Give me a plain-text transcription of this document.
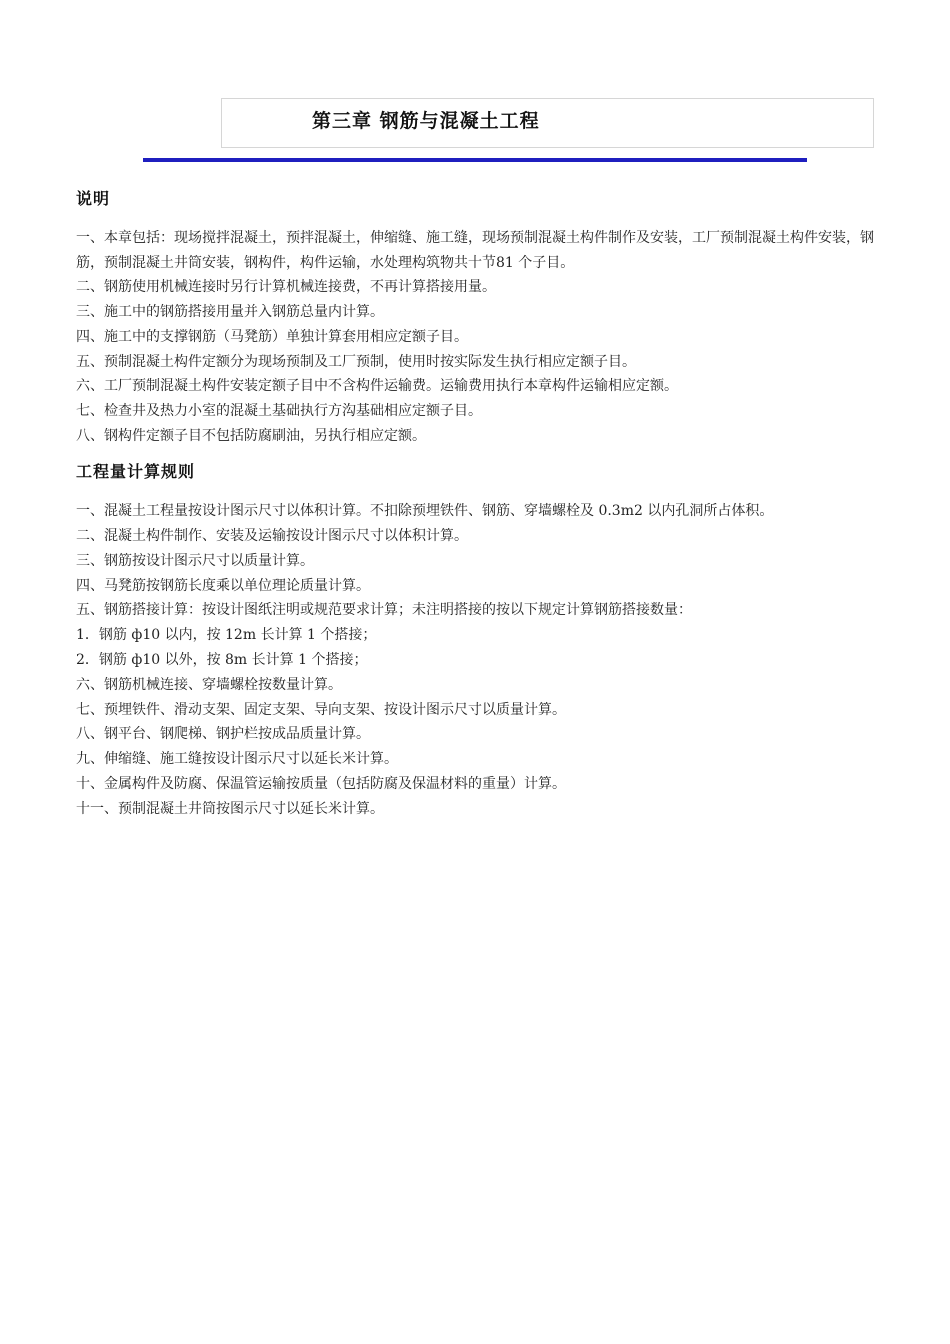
第三章 钢筋与混凝土工程
说明

一、本章包括：现场搅拌混凝土，预拌混凝土，伸缩缝、施工缝，现场预制混凝土构件制作及安装，工厂预制混凝土构件安装，钢筋，预制混凝土井筒安装，钢构件，构件运输，水处理构筑物共十节81 个子目。

二、钢筋使用机械连接时另行计算机械连接费，不再计算搭接用量。

三、施工中的钢筋搭接用量并入钢筋总量内计算。

四、施工中的支撑钢筋（马凳筋）单独计算套用相应定额子目。

五、预制混凝土构件定额分为现场预制及工厂预制，使用时按实际发生执行相应定额子目。

六、工厂预制混凝土构件安装定额子目中不含构件运输费。运输费用执行本章构件运输相应定额。

七、检查井及热力小室的混凝土基础执行方沟基础相应定额子目。

八、钢构件定额子目不包括防腐刷油，另执行相应定额。

工程量计算规则

一、混凝土工程量按设计图示尺寸以体积计算。不扣除预埋铁件、钢筋、穿墙螺栓及 0.3m2 以内孔洞所占体积。

二、混凝土构件制作、安装及运输按设计图示尺寸以体积计算。

三、钢筋按设计图示尺寸以质量计算。

四、马凳筋按钢筋长度乘以单位理论质量计算。

五、钢筋搭接计算：按设计图纸注明或规范要求计算；未注明搭接的按以下规定计算钢筋搭接数量：

1．钢筋 ф10 以内，按 12m 长计算 1 个搭接；

2．钢筋 ф10 以外，按 8m 长计算 1 个搭接；

六、钢筋机械连接、穿墙螺栓按数量计算。

七、预埋铁件、滑动支架、固定支架、导向支架、按设计图示尺寸以质量计算。

八、钢平台、钢爬梯、钢护栏按成品质量计算。

九、伸缩缝、施工缝按设计图示尺寸以延长米计算。

十、金属构件及防腐、保温管运输按质量（包括防腐及保温材料的重量）计算。

十一、预制混凝土井筒按图示尺寸以延长米计算。
